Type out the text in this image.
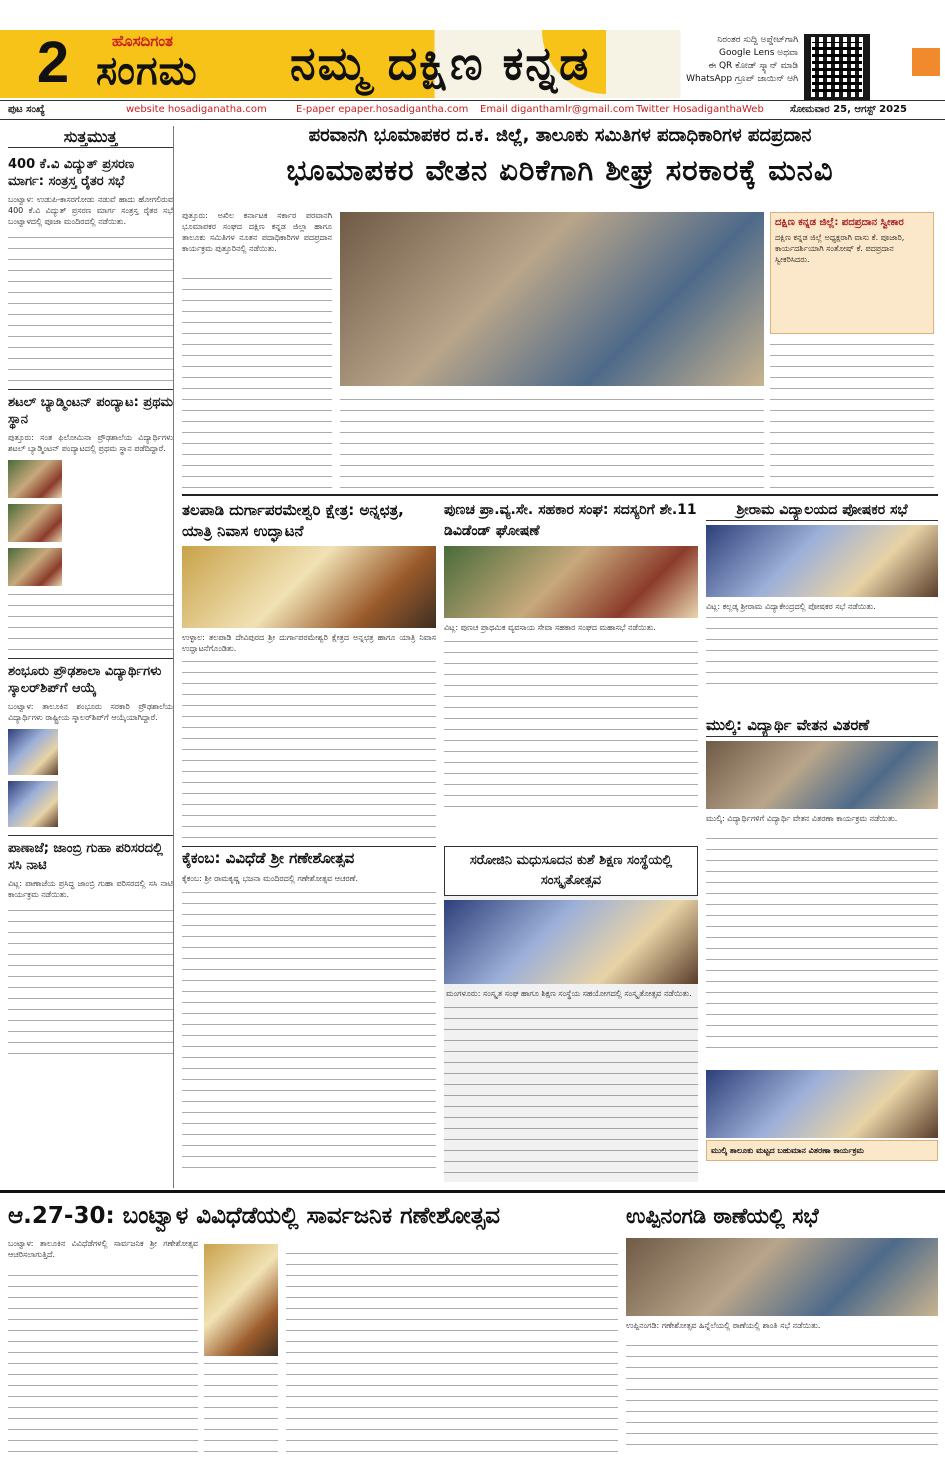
2	ಹೊಸದಿಗಂತ
ಸಂಗಮ ನಮ್ಮ ದಕ್ಷಿಣ ಕನ್ನಡ	ನಿರಂತರ ಸುದ್ದಿ ಅಪ್ಡೇಟ್‌ಗಾಗಿ
Google Lens ಅಥವಾ
ಈ QR ಕೋಡ್ ಸ್ಕ್ಯಾನ್ ಮಾಡಿ
WhatsApp ಗ್ರೂಪ್ ಜಾಯಿನ್ ಆಗಿ
ಪುಟ ಸಂಖ್ಯೆ	website hosadiganatha.com	E-paper epaper.hosadigantha.com Email diganthamlr@gmail.com Twitter HosadiganthaWeb	ಸೋಮವಾರ 25, ಆಗಸ್ಟ್ 2025
ಸುತ್ತಮುತ್ತ
400 ಕೆ.ವಿ ವಿದ್ಯುತ್ ಪ್ರಸರಣ ಮಾರ್ಗ: ಸಂತ್ರಸ್ತ ರೈತರ ಸಭೆ
ಬಂಟ್ವಾಳ: ಉಡುಪಿ-ಕಾಸರಗೋಡು ನಡುವೆ ಹಾದು ಹೋಗಲಿರುವ 400 ಕೆ.ವಿ ವಿದ್ಯುತ್ ಪ್ರಸರಣ ಮಾರ್ಗ ಸಂತ್ರಸ್ತ ರೈತರ ಸಭೆ ಬಂಟ್ವಾಳದಲ್ಲಿ ಪೂಜಾ ಮಂದಿರದಲ್ಲಿ ನಡೆಯಿತು.
ಶಟಲ್ ಬ್ಯಾಡ್ಮಿಂಟನ್ ಪಂದ್ಯಾಟ: ಪ್ರಥಮ ಸ್ಥಾನ
ಪುತ್ತೂರು: ಸಂತ ಫಿಲೋಮಿನಾ ಪ್ರೌಢಶಾಲೆಯ ವಿದ್ಯಾರ್ಥಿಗಳು ಶಟಲ್ ಬ್ಯಾಡ್ಮಿಂಟನ್ ಪಂದ್ಯಾಟದಲ್ಲಿ ಪ್ರಥಮ ಸ್ಥಾನ ಪಡೆದಿದ್ದಾರೆ.
ಶಂಭೂರು ಪ್ರೌಢಶಾಲಾ ವಿದ್ಯಾರ್ಥಿಗಳು ಸ್ಕಾಲರ್‌ಶಿಪ್‌ಗೆ ಆಯ್ಕೆ
ಬಂಟ್ವಾಳ: ತಾಲೂಕಿನ ಶಂಭೂರು ಸರಕಾರಿ ಪ್ರೌಢಶಾಲೆಯ ವಿದ್ಯಾರ್ಥಿಗಳು ರಾಷ್ಟ್ರೀಯ ಸ್ಕಾಲರ್‌ಶಿಪ್‌ಗೆ ಆಯ್ಕೆಯಾಗಿದ್ದಾರೆ.
ಪಾಣಾಜೆ; ಜಾಂಬ್ರಿ ಗುಹಾ ಪರಿಸರದಲ್ಲಿ ಸಸಿ ನಾಟಿ
ವಿಟ್ಲ: ಪಾಣಾಜೆಯ ಪ್ರಸಿದ್ಧ ಜಾಂಬ್ರಿ ಗುಹಾ ಪರಿಸರದಲ್ಲಿ ಸಸಿ ನಾಟಿ ಕಾರ್ಯಕ್ರಮ ನಡೆಯಿತು.
ಪರವಾನಗಿ ಭೂಮಾಪಕರ ದ.ಕ. ಜಿಲ್ಲೆ, ತಾಲೂಕು ಸಮಿತಿಗಳ ಪದಾಧಿಕಾರಿಗಳ ಪದಪ್ರದಾನ
ಭೂಮಾಪಕರ ವೇತನ ಏರಿಕೆಗಾಗಿ ಶೀಘ್ರ ಸರಕಾರಕ್ಕೆ ಮನವಿ
ಪುತ್ತೂರು: ಅಖಿಲ ಕರ್ನಾಟಕ ಸರ್ಕಾರ ಪರವಾನಗಿ ಭೂಮಾಪಕರ ಸಂಘದ ದಕ್ಷಿಣ ಕನ್ನಡ ಜಿಲ್ಲಾ ಹಾಗೂ ತಾಲೂಕು ಸಮಿತಿಗಳ ನೂತನ ಪದಾಧಿಕಾರಿಗಳ ಪದಪ್ರದಾನ ಕಾರ್ಯಕ್ರಮ ಪುತ್ತೂರಿನಲ್ಲಿ ನಡೆಯಿತು.
ದಕ್ಷಿಣ ಕನ್ನಡ ಜಿಲ್ಲೆ: ಪದಪ್ರದಾನ ಸ್ವೀಕಾರ
ದಕ್ಷಿಣ ಕನ್ನಡ ಜಿಲ್ಲೆ ಅಧ್ಯಕ್ಷರಾಗಿ ವಾಸು ಕೆ. ಪೂಜಾರಿ, ಕಾರ್ಯದರ್ಶಿಯಾಗಿ ಸಂತೋಷ್ ಕೆ. ಪದಪ್ರದಾನ ಸ್ವೀಕರಿಸಿದರು.
ತಲಪಾಡಿ ದುರ್ಗಾಪರಮೇಶ್ವರಿ ಕ್ಷೇತ್ರ: ಅನ್ನಛತ್ರ, ಯಾತ್ರಿ ನಿವಾಸ ಉದ್ಘಾಟನೆ
ಉಳ್ಳಾಲ: ತಲಪಾಡಿ ದೇವಿಪುರದ ಶ್ರೀ ದುರ್ಗಾಪರಮೇಶ್ವರಿ ಕ್ಷೇತ್ರದ ಅನ್ನಛತ್ರ ಹಾಗೂ ಯಾತ್ರಿ ನಿವಾಸ ಉದ್ಘಾಟನೆಗೊಂಡಿತು.
ಪುಣಚ ಪ್ರಾ.ವ್ಯ.ಸೇ. ಸಹಕಾರ ಸಂಘ: ಸದಸ್ಯರಿಗೆ ಶೇ.11 ಡಿವಿಡೆಂಡ್ ಘೋಷಣೆ
ವಿಟ್ಲ: ಪುಣಚ ಪ್ರಾಥಮಿಕ ವ್ಯವಸಾಯ ಸೇವಾ ಸಹಕಾರ ಸಂಘದ ಮಹಾಸಭೆ ನಡೆಯಿತು.
ಶ್ರೀರಾಮ ವಿದ್ಯಾಲಯದ ಪೋಷಕರ ಸಭೆ
ವಿಟ್ಲ: ಕಲ್ಲಡ್ಕ ಶ್ರೀರಾಮ ವಿದ್ಯಾಕೇಂದ್ರದಲ್ಲಿ ಪೋಷಕರ ಸಭೆ ನಡೆಯಿತು.
ಮುಲ್ಕಿ: ವಿದ್ಯಾರ್ಥಿ ವೇತನ ವಿತರಣೆ
ಮುಲ್ಕಿ: ವಿದ್ಯಾರ್ಥಿಗಳಿಗೆ ವಿದ್ಯಾರ್ಥಿ ವೇತನ ವಿತರಣಾ ಕಾರ್ಯಕ್ರಮ ನಡೆಯಿತು.
ಮುಲ್ಕಿ ತಾಲೂಕು ಮಟ್ಟದ ಬಹುಮಾನ ವಿತರಣಾ ಕಾರ್ಯಕ್ರಮ
ಕೈಕಂಬ: ವಿವಿಧೆಡೆ ಶ್ರೀ ಗಣೇಶೋತ್ಸವ
ಕೈಕಂಬ: ಶ್ರೀ ರಾಮಕೃಷ್ಣ ಭಜನಾ ಮಂದಿರದಲ್ಲಿ ಗಣೇಶೋತ್ಸವ ಆಚರಣೆ.
ಸರೋಜಿನಿ ಮಧುಸೂದನ ಕುಶೆ ಶಿಕ್ಷಣ ಸಂಸ್ಥೆಯಲ್ಲಿ ಸಂಸ್ಕೃತೋತ್ಸವ
ಮಂಗಳೂರು: ಸಂಸ್ಕೃತ ಸಂಘ ಹಾಗೂ ಶಿಕ್ಷಣ ಸಂಸ್ಥೆಯ ಸಹಯೋಗದಲ್ಲಿ ಸಂಸ್ಕೃತೋತ್ಸವ ನಡೆಯಿತು.
ಆ.27-30: ಬಂಟ್ವಾಳ ವಿವಿಧೆಡೆಯಲ್ಲಿ ಸಾರ್ವಜನಿಕ ಗಣೇಶೋತ್ಸವ
ಬಂಟ್ವಾಳ: ತಾಲೂಕಿನ ವಿವಿಧೆಡೆಗಳಲ್ಲಿ ಸಾರ್ವಜನಿಕ ಶ್ರೀ ಗಣೇಶೋತ್ಸವ ಆಚರಿಸಲಾಗುತ್ತಿದೆ.
ಉಪ್ಪಿನಂಗಡಿ ಠಾಣೆಯಲ್ಲಿ ಸಭೆ
ಉಪ್ಪಿನಂಗಡಿ: ಗಣೇಶೋತ್ಸವ ಹಿನ್ನೆಲೆಯಲ್ಲಿ ಠಾಣೆಯಲ್ಲಿ ಶಾಂತಿ ಸಭೆ ನಡೆಯಿತು.
